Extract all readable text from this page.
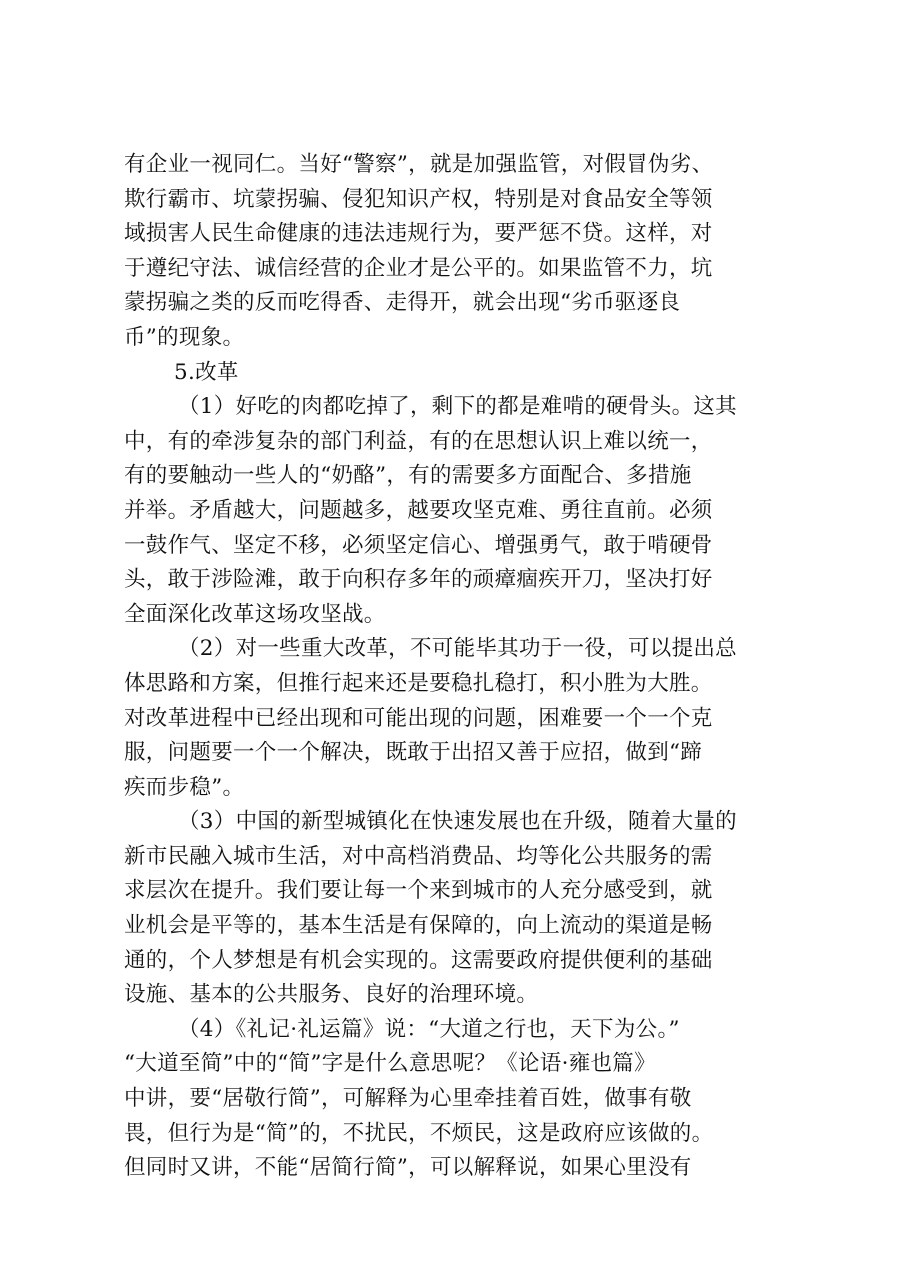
有企业一视同仁。当好“警察”，就是加强监管，对假冒伪劣、
欺行霸市、坑蒙拐骗、侵犯知识产权，特别是对食品安全等领
域损害人民生命健康的违法违规行为，要严惩不贷。这样，对
于遵纪守法、诚信经营的企业才是公平的。如果监管不力，坑
蒙拐骗之类的反而吃得香、走得开，就会出现“劣币驱逐良
币”的现象。
5.改革
（1）好吃的肉都吃掉了，剩下的都是难啃的硬骨头。这其
中，有的牵涉复杂的部门利益，有的在思想认识上难以统一，
有的要触动一些人的“奶酪”，有的需要多方面配合、多措施
并举。矛盾越大，问题越多，越要攻坚克难、勇往直前。必须
一鼓作气、坚定不移，必须坚定信心、增强勇气，敢于啃硬骨
头，敢于涉险滩，敢于向积存多年的顽瘴痼疾开刀，坚决打好
全面深化改革这场攻坚战。
（2）对一些重大改革，不可能毕其功于一役，可以提出总
体思路和方案，但推行起来还是要稳扎稳打，积小胜为大胜。
对改革进程中已经出现和可能出现的问题，困难要一个一个克
服，问题要一个一个解决，既敢于出招又善于应招，做到“蹄
疾而步稳”。
（3）中国的新型城镇化在快速发展也在升级，随着大量的
新市民融入城市生活，对中高档消费品、均等化公共服务的需
求层次在提升。我们要让每一个来到城市的人充分感受到，就
业机会是平等的，基本生活是有保障的，向上流动的渠道是畅
通的，个人梦想是有机会实现的。这需要政府提供便利的基础
设施、基本的公共服务、良好的治理环境。
（4）《礼记·礼运篇》说：“大道之行也，天下为公。”
“大道至简”中的“简”字是什么意思呢？《论语·雍也篇》
中讲，要“居敬行简”，可解释为心里牵挂着百姓，做事有敬
畏，但行为是“简”的，不扰民，不烦民，这是政府应该做的。
但同时又讲，不能“居简行简”，可以解释说，如果心里没有
